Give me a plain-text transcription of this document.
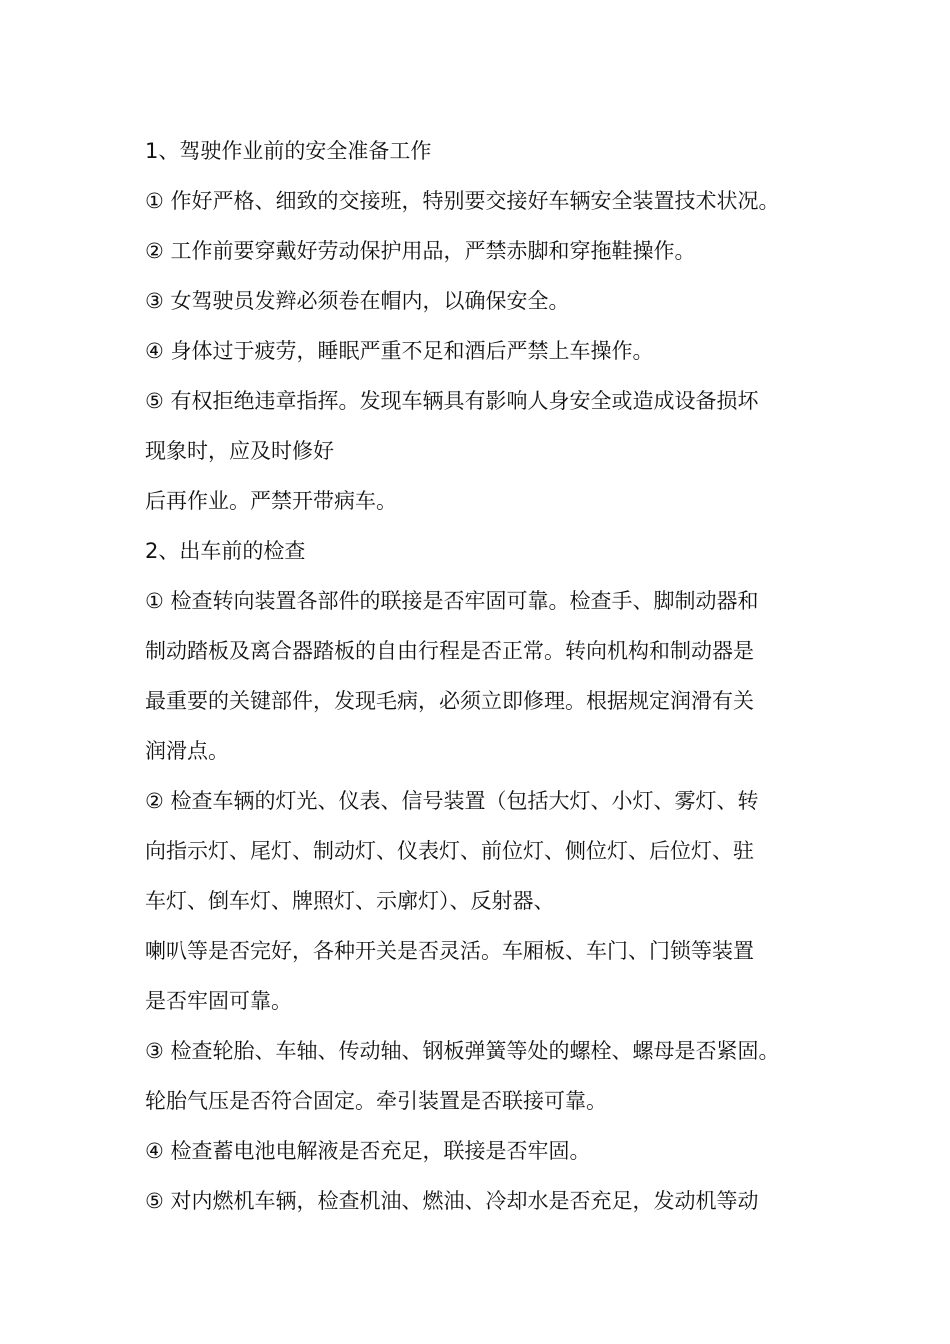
1、驾驶作业前的安全准备工作
① 作好严格、细致的交接班，特别要交接好车辆安全装置技术状况。
② 工作前要穿戴好劳动保护用品，严禁赤脚和穿拖鞋操作。
③ 女驾驶员发辫必须卷在帽内，以确保安全。
④ 身体过于疲劳，睡眠严重不足和酒后严禁上车操作。
⑤ 有权拒绝违章指挥。发现车辆具有影响人身安全或造成设备损坏
现象时，应及时修好
后再作业。严禁开带病车。
2、出车前的检查
① 检查转向装置各部件的联接是否牢固可靠。检查手、脚制动器和
制动踏板及离合器踏板的自由行程是否正常。转向机构和制动器是
最重要的关键部件，发现毛病，必须立即修理。根据规定润滑有关
润滑点。
② 检查车辆的灯光、仪表、信号装置（包括大灯、小灯、雾灯、转
向指示灯、尾灯、制动灯、仪表灯、前位灯、侧位灯、后位灯、驻
车灯、倒车灯、牌照灯、示廓灯）、反射器、
喇叭等是否完好，各种开关是否灵活。车厢板、车门、门锁等装置
是否牢固可靠。
③ 检查轮胎、车轴、传动轴、钢板弹簧等处的螺栓、螺母是否紧固。
轮胎气压是否符合固定。牵引装置是否联接可靠。
④ 检查蓄电池电解液是否充足，联接是否牢固。
⑤ 对内燃机车辆，检查机油、燃油、冷却水是否充足，发动机等动
